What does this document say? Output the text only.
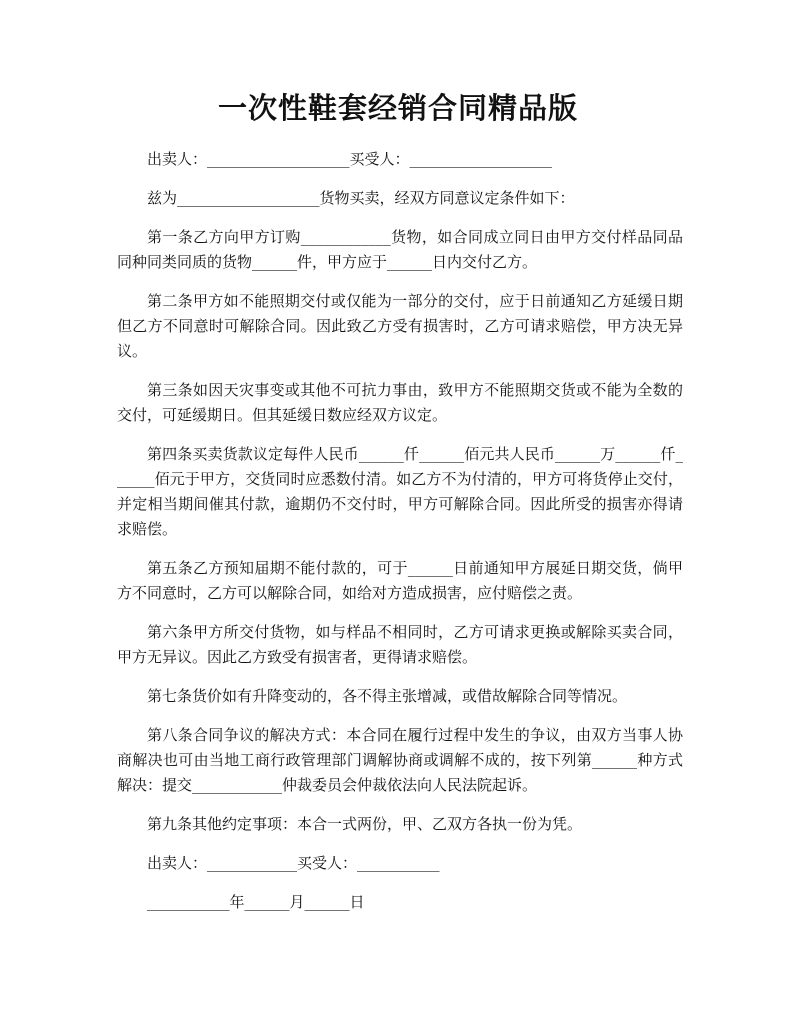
一次性鞋套经销合同精品版

出卖人：___________________买受人：___________________

兹为___________________货物买卖，经双方同意议定条件如下：

第一条乙方向甲方订购____________货物，如合同成立同日由甲方交付样品同品同种同类同质的货物______件，甲方应于______日内交付乙方。

第二条甲方如不能照期交付或仅能为一部分的交付，应于日前通知乙方延缓日期但乙方不同意时可解除合同。因此致乙方受有损害时，乙方可请求赔偿，甲方决无异议。

第三条如因天灾事变或其他不可抗力事由，致甲方不能照期交货或不能为全数的交付，可延缓期日。但其延缓日数应经双方议定。

第四条买卖货款议定每件人民币______仟______佰元共人民币______万______仟______佰元于甲方，交货同时应悉数付清。如乙方不为付清的，甲方可将货停止交付，并定相当期间催其付款，逾期仍不交付时，甲方可解除合同。因此所受的损害亦得请求赔偿。

第五条乙方预知届期不能付款的，可于______日前通知甲方展延日期交货，倘甲方不同意时，乙方可以解除合同，如给对方造成损害，应付赔偿之责。

第六条甲方所交付货物，如与样品不相同时，乙方可请求更换或解除买卖合同，甲方无异议。因此乙方致受有损害者，更得请求赔偿。

第七条货价如有升降变动的，各不得主张增减，或借故解除合同等情况。

第八条合同争议的解决方式：本合同在履行过程中发生的争议，由双方当事人协商解决也可由当地工商行政管理部门调解协商或调解不成的，按下列第______种方式解决：提交____________仲裁委员会仲裁依法向人民法院起诉。

第九条其他约定事项：本合一式两份，甲、乙双方各执一份为凭。

出卖人：____________买受人：___________

___________年______月______日
